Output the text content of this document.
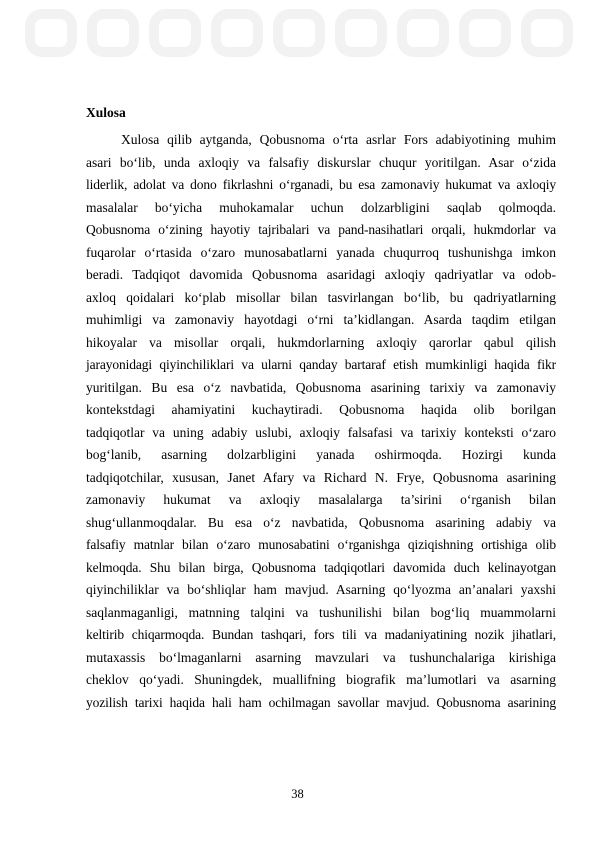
Xulosa
Xulosa qilib aytganda, Qobusnoma o‘rta asrlar Fors adabiyotining muhim
asari bo‘lib, unda axloqiy va falsafiy diskurslar chuqur yoritilgan. Asar o‘zida
liderlik, adolat va dono fikrlashni o‘rganadi, bu esa zamonaviy hukumat va axloqiy
masalalar bo‘yicha muhokamalar uchun dolzarbligini saqlab qolmoqda.
Qobusnoma o‘zining hayotiy tajribalari va pand-nasihatlari orqali, hukmdorlar va
fuqarolar o‘rtasida o‘zaro munosabatlarni yanada chuqurroq tushunishga imkon
beradi. Tadqiqot davomida Qobusnoma asaridagi axloqiy qadriyatlar va odob-
axloq qoidalari ko‘plab misollar bilan tasvirlangan bo‘lib, bu qadriyatlarning
muhimligi va zamonaviy hayotdagi o‘rni ta’kidlangan. Asarda taqdim etilgan
hikoyalar va misollar orqali, hukmdorlarning axloqiy qarorlar qabul qilish
jarayonidagi qiyinchiliklari va ularni qanday bartaraf etish mumkinligi haqida fikr
yuritilgan. Bu esa o‘z navbatida, Qobusnoma asarining tarixiy va zamonaviy
kontekstdagi ahamiyatini kuchaytiradi. Qobusnoma haqida olib borilgan
tadqiqotlar va uning adabiy uslubi, axloqiy falsafasi va tarixiy konteksti o‘zaro
bog‘lanib, asarning dolzarbligini yanada oshirmoqda. Hozirgi kunda
tadqiqotchilar, xususan, Janet Afary va Richard N. Frye, Qobusnoma asarining
zamonaviy hukumat va axloqiy masalalarga ta’sirini o‘rganish bilan
shug‘ullanmoqdalar. Bu esa o‘z navbatida, Qobusnoma asarining adabiy va
falsafiy matnlar bilan o‘zaro munosabatini o‘rganishga qiziqishning ortishiga olib
kelmoqda. Shu bilan birga, Qobusnoma tadqiqotlari davomida duch kelinayotgan
qiyinchiliklar va bo‘shliqlar ham mavjud. Asarning qo‘lyozma an’analari yaxshi
saqlanmaganligi, matnning talqini va tushunilishi bilan bog‘liq muammolarni
keltirib chiqarmoqda. Bundan tashqari, fors tili va madaniyatining nozik jihatlari,
mutaxassis bo‘lmaganlarni asarning mavzulari va tushunchalariga kirishiga
cheklov qo‘yadi. Shuningdek, muallifning biografik ma’lumotlari va asarning
yozilish tarixi haqida hali ham ochilmagan savollar mavjud. Qobusnoma asarining
38
